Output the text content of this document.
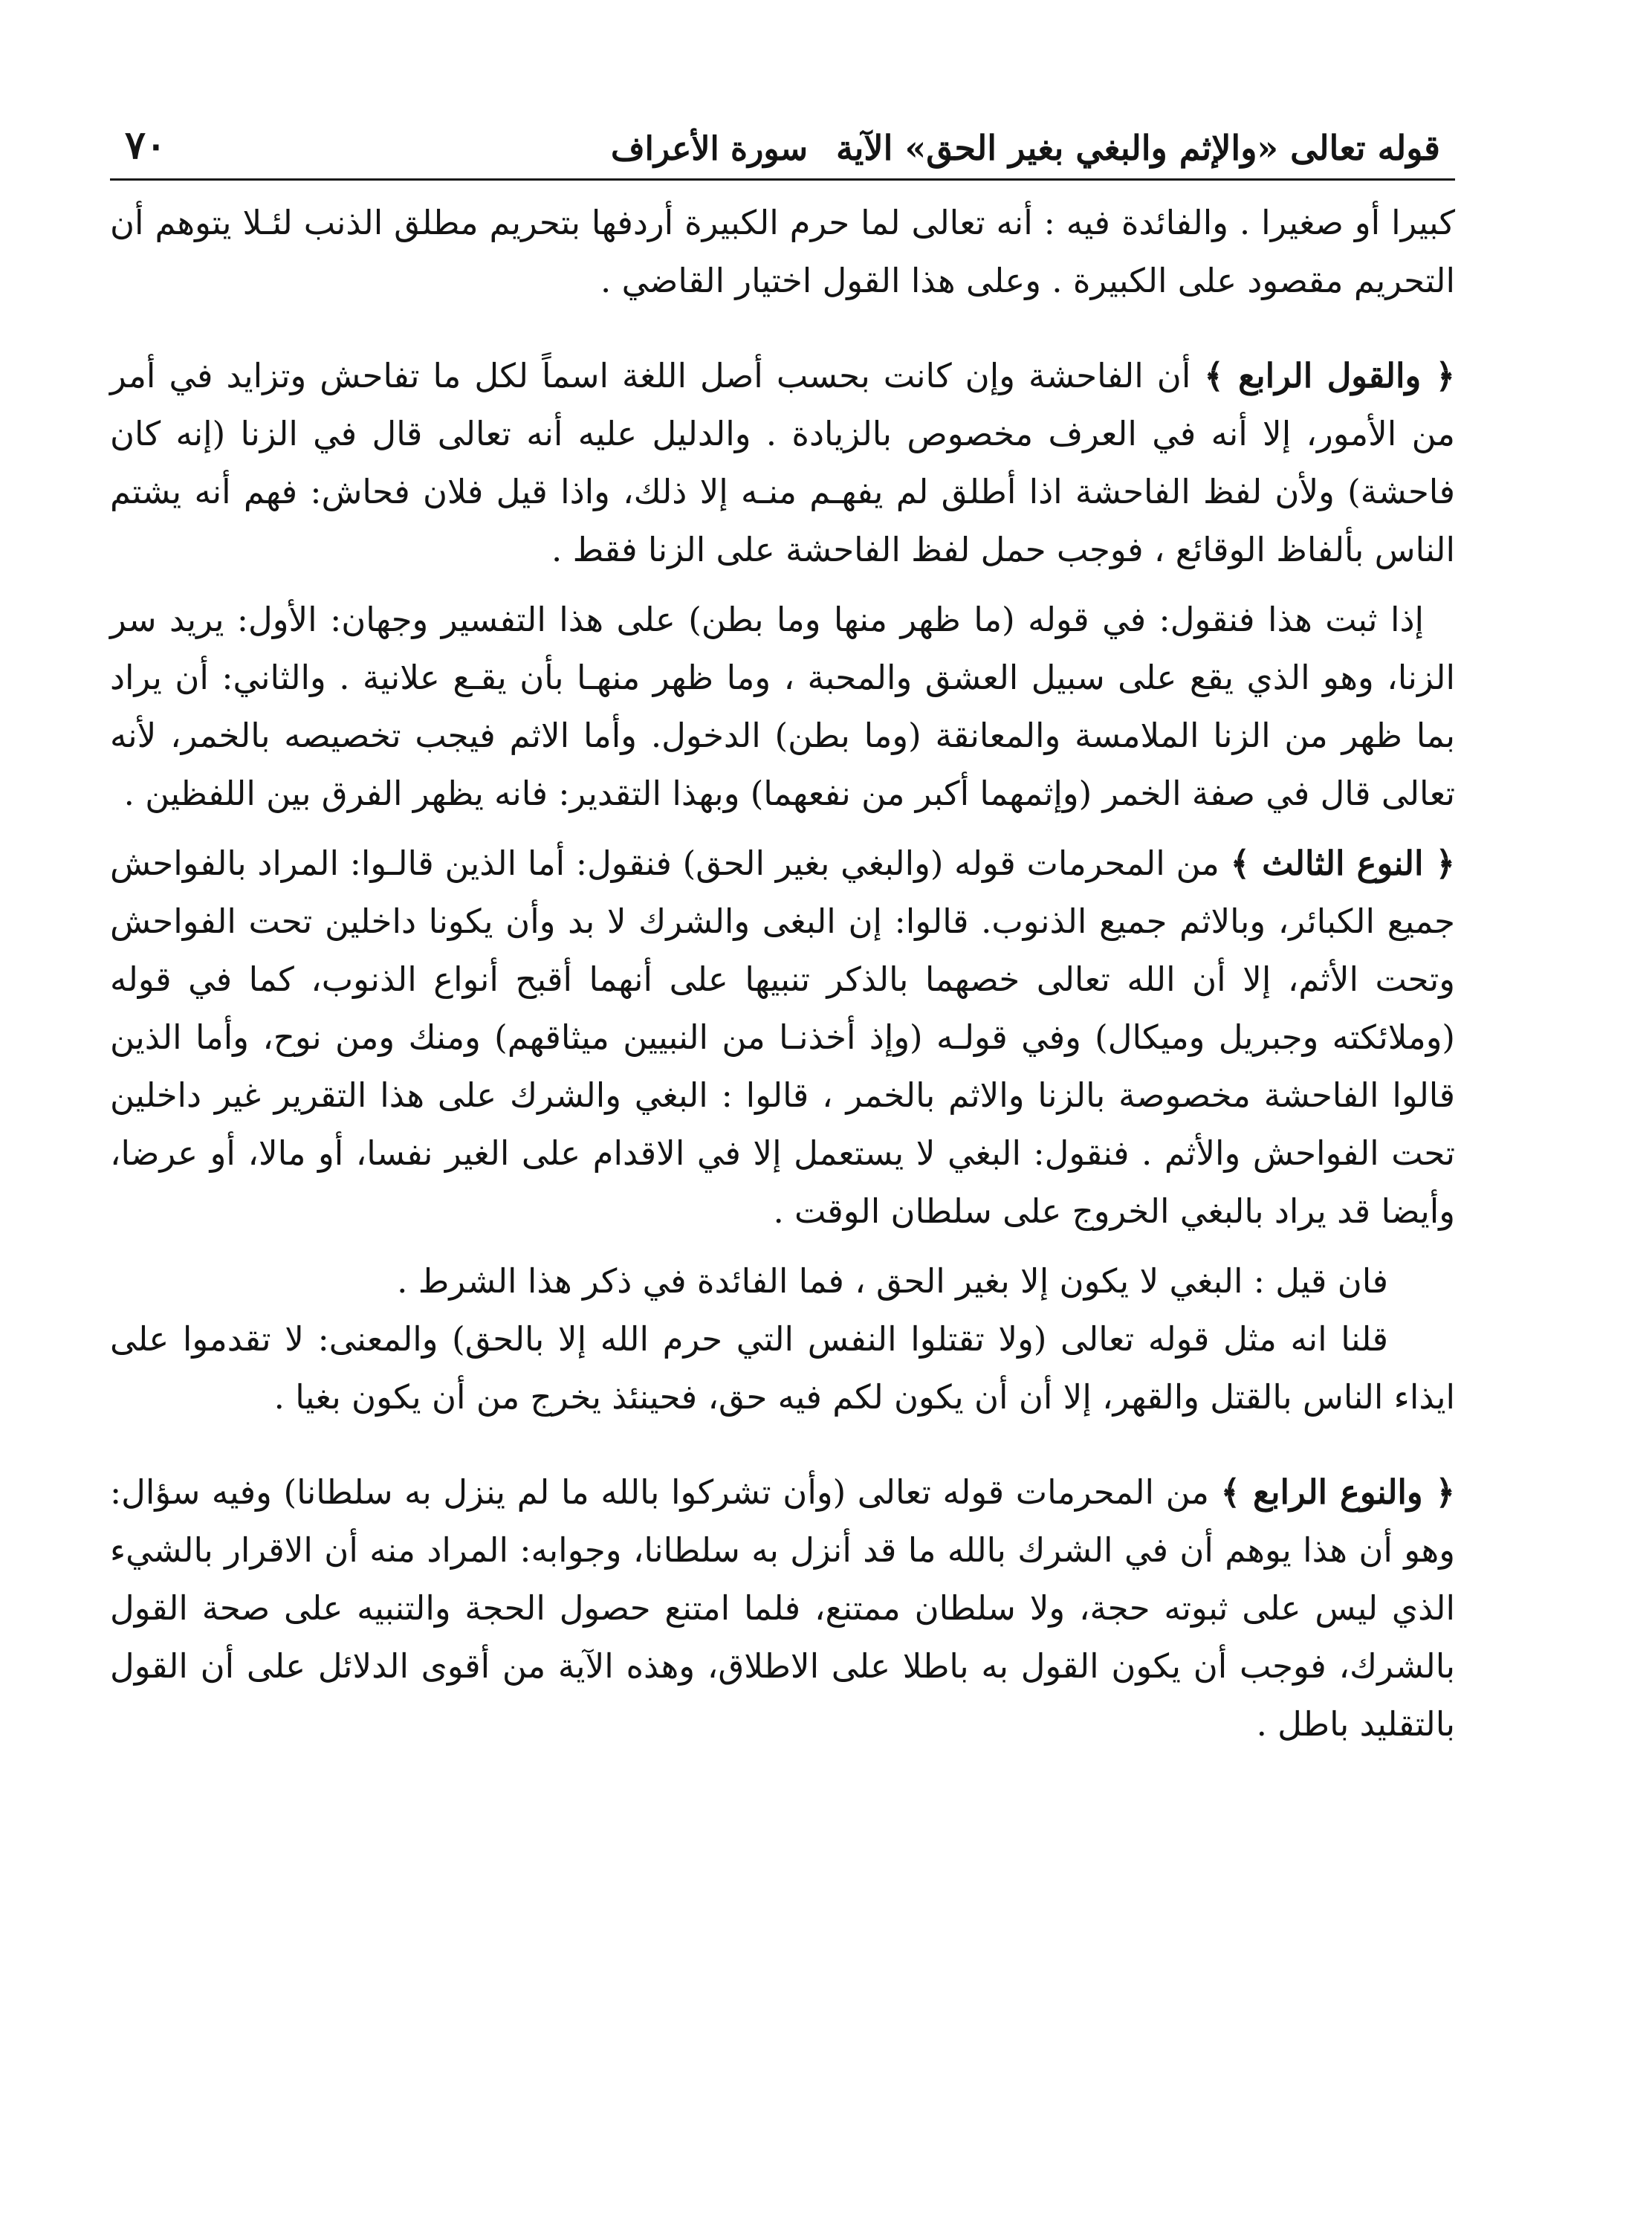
قوله تعالى «والإثم والبغي بغير الحق» الآية سورة الأعراف
٧٠

كبيرا أو صغيرا . والفائدة فيه : أنه تعالى لما حرم الكبيرة أردفها بتحريم مطلق الذنب لئـلا يتوهم أن التحريم مقصود على الكبيرة . وعلى هذا القول اختيار القاضي .

﴿ والقول الرابع ﴾ أن الفاحشة وإن كانت بحسب أصل اللغة اسماً لكل ما تفاحش وتزايد في أمر من الأمور، إلا أنه في العرف مخصوص بالزيادة . والدليل عليه أنه تعالى قال في الزنا (إنه كان فاحشة) ولأن لفظ الفاحشة اذا أطلق لم يفهـم منـه إلا ذلك، واذا قيل فلان فحاش: فهم أنه يشتم الناس بألفاظ الوقائع ، فوجب حمل لفظ الفاحشة على الزنا فقط .

إذا ثبت هذا فنقول: في قوله (ما ظهر منها وما بطن) على هذا التفسير وجهان: الأول: يريد سر الزنا، وهو الذي يقع على سبيل العشق والمحبة ، وما ظهر منهـا بأن يقـع علانية . والثاني: أن يراد بما ظهر من الزنا الملامسة والمعانقة (وما بطن) الدخول. وأما الاثم فيجب تخصيصه بالخمر، لأنه تعالى قال في صفة الخمر (وإثمهما أكبر من نفعهما) وبهذا التقدير: فانه يظهر الفرق بين اللفظين .

﴿ النوع الثالث ﴾ من المحرمات قوله (والبغي بغير الحق) فنقول: أما الذين قالـوا: المراد بالفواحش جميع الكبائر، وبالاثم جميع الذنوب. قالوا: إن البغى والشرك لا بد وأن يكونا داخلين تحت الفواحش وتحت الأثم، إلا أن الله تعالى خصهما بالذكر تنبيها على أنهما أقبح أنواع الذنوب، كما في قوله (وملائكته وجبريل وميكال) وفي قولـه (وإذ أخذنـا من النبيين ميثاقهم) ومنك ومن نوح، وأما الذين قالوا الفاحشة مخصوصة بالزنا والاثم بالخمر ، قالوا : البغي والشرك على هذا التقرير غير داخلين تحت الفواحش والأثم . فنقول: البغي لا يستعمل إلا في الاقدام على الغير نفسا، أو مالا، أو عرضا، وأيضا قد يراد بالبغي الخروج على سلطان الوقت .

فان قيل : البغي لا يكون إلا بغير الحق ، فما الفائدة في ذكر هذا الشرط .

قلنا انه مثل قوله تعالى (ولا تقتلوا النفس التي حرم الله إلا بالحق) والمعنى: لا تقدموا على ايذاء الناس بالقتل والقهر، إلا أن أن يكون لكم فيه حق، فحينئذ يخرج من أن يكون بغيا .

﴿ والنوع الرابع ﴾ من المحرمات قوله تعالى (وأن تشركوا بالله ما لم ينزل به سلطانا) وفيه سؤال: وهو أن هذا يوهم أن في الشرك بالله ما قد أنزل به سلطانا، وجوابه: المراد منه أن الاقرار بالشيء الذي ليس على ثبوته حجة، ولا سلطان ممتنع، فلما امتنع حصول الحجة والتنبيه على صحة القول بالشرك، فوجب أن يكون القول به باطلا على الاطلاق، وهذه الآية من أقوى الدلائل على أن القول بالتقليد باطل .
